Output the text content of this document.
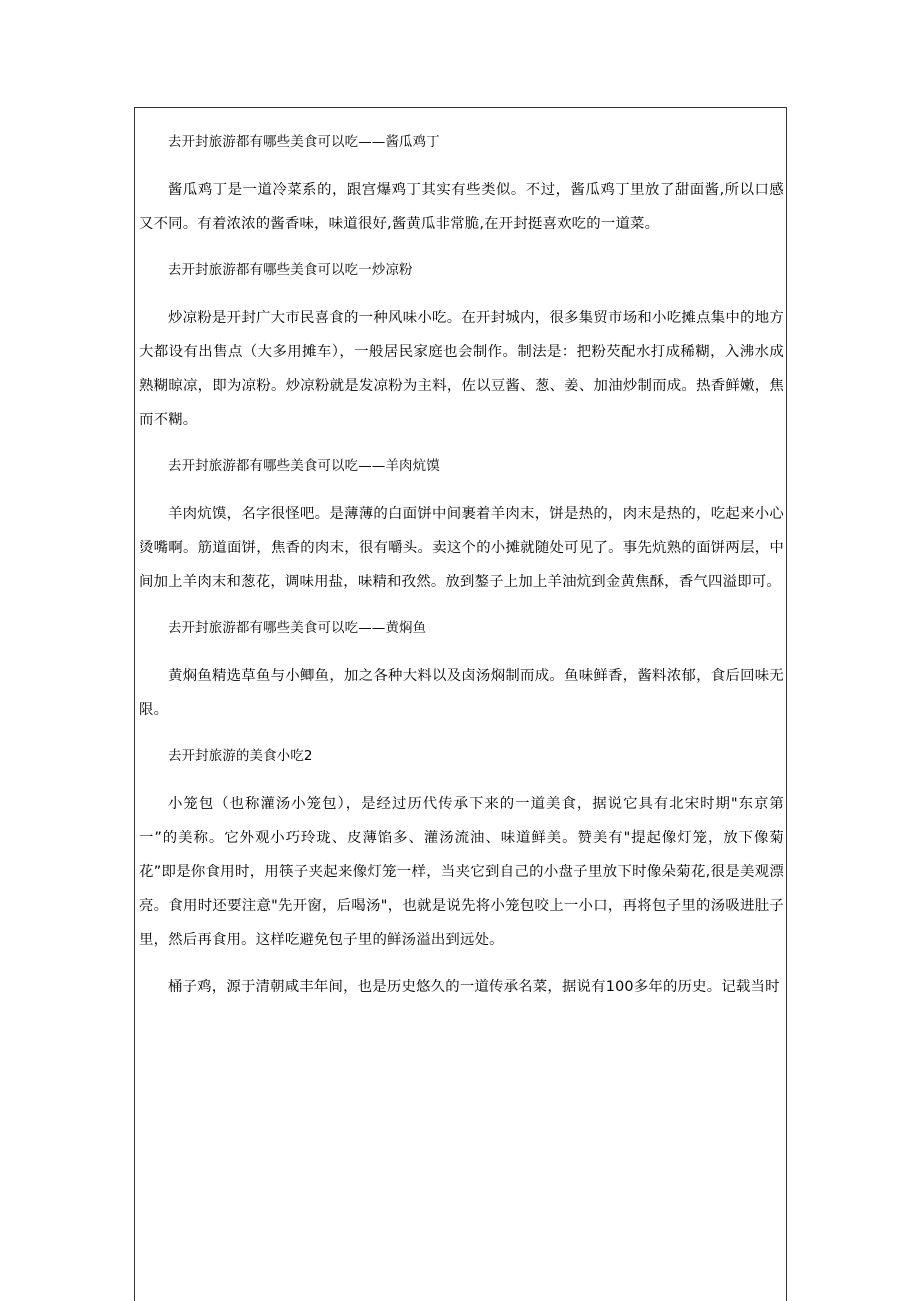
去开封旅游都有哪些美食可以吃——酱瓜鸡丁

酱瓜鸡丁是一道冷菜系的，跟宫爆鸡丁其实有些类似。不过，酱瓜鸡丁里放了甜面酱,所以口感又不同。有着浓浓的酱香味，味道很好,酱黄瓜非常脆,在开封挺喜欢吃的一道菜。

去开封旅游都有哪些美食可以吃一炒凉粉

炒凉粉是开封广大市民喜食的一种风味小吃。在开封城内，很多集贸市场和小吃摊点集中的地方大都设有出售点（大多用摊车），一般居民家庭也会制作。制法是：把粉芡配水打成稀糊，入沸水成熟糊晾凉，即为凉粉。炒凉粉就是发凉粉为主料，佐以豆酱、葱、姜、加油炒制而成。热香鲜嫩，焦而不糊。

去开封旅游都有哪些美食可以吃——羊肉炕馍

羊肉炕馍，名字很怪吧。是薄薄的白面饼中间裹着羊肉末，饼是热的，肉末是热的，吃起来小心烫嘴啊。筋道面饼，焦香的肉末，很有嚼头。卖这个的小摊就随处可见了。事先炕熟的面饼两层，中间加上羊肉末和葱花，调味用盐，味精和孜然。放到鏊子上加上羊油炕到金黄焦酥，香气四溢即可。

去开封旅游都有哪些美食可以吃——黄焖鱼

黄焖鱼精选草鱼与小鲫鱼，加之各种大料以及卤汤焖制而成。鱼味鲜香，酱料浓郁，食后回味无限。

去开封旅游的美食小吃2

小笼包（也称灌汤小笼包），是经过历代传承下来的一道美食，据说它具有北宋时期"东京第一”的美称。它外观小巧玲珑、皮薄馅多、灌汤流油、味道鲜美。赞美有"提起像灯笼，放下像菊花”即是你食用时，用筷子夹起来像灯笼一样，当夹它到自己的小盘子里放下时像朵菊花,很是美观漂亮。食用时还要注意"先开窗，后喝汤"，也就是说先将小笼包咬上一小口，再将包子里的汤吸进肚子里，然后再食用。这样吃避免包子里的鲜汤溢出到远处。

桶子鸡，源于清朝咸丰年间，也是历史悠久的一道传承名菜，据说有100多年的历史。记载当时
